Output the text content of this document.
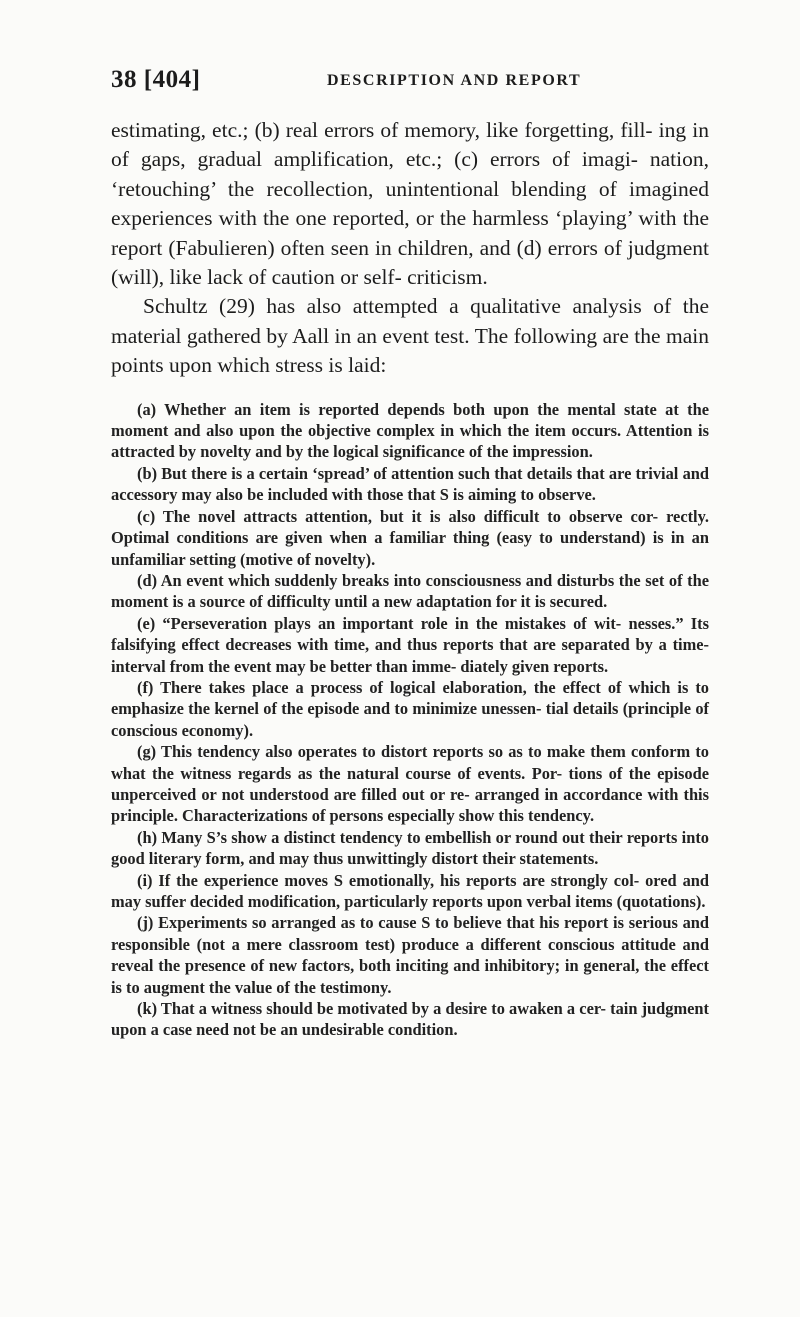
38 [404]	DESCRIPTION AND REPORT

estimating, etc.; (b) real errors of memory, like forgetting, fill- ing in of gaps, gradual amplification, etc.; (c) errors of imagi- nation, ‘retouching’ the recollection, unintentional blending of imagined experiences with the one reported, or the harmless ‘playing’ with the report (Fabulieren) often seen in children, and (d) errors of judgment (will), like lack of caution or self- criticism.

Schultz (29) has also attempted a qualitative analysis of the material gathered by Aall in an event test. The following are the main points upon which stress is laid:

(a) Whether an item is reported depends both upon the mental state at the moment and also upon the objective complex in which the item occurs. Attention is attracted by novelty and by the logical significance of the impression.

(b) But there is a certain ‘spread’ of attention such that details that are trivial and accessory may also be included with those that S is aiming to observe.

(c) The novel attracts attention, but it is also difficult to observe cor- rectly. Optimal conditions are given when a familiar thing (easy to understand) is in an unfamiliar setting (motive of novelty).

(d) An event which suddenly breaks into consciousness and disturbs the set of the moment is a source of difficulty until a new adaptation for it is secured.

(e) “Perseveration plays an important role in the mistakes of wit- nesses.” Its falsifying effect decreases with time, and thus reports that are separated by a time-interval from the event may be better than imme- diately given reports.

(f) There takes place a process of logical elaboration, the effect of which is to emphasize the kernel of the episode and to minimize unessen- tial details (principle of conscious economy).

(g) This tendency also operates to distort reports so as to make them conform to what the witness regards as the natural course of events. Por- tions of the episode unperceived or not understood are filled out or re- arranged in accordance with this principle. Characterizations of persons especially show this tendency.

(h) Many S’s show a distinct tendency to embellish or round out their reports into good literary form, and may thus unwittingly distort their statements.

(i) If the experience moves S emotionally, his reports are strongly col- ored and may suffer decided modification, particularly reports upon verbal items (quotations).

(j) Experiments so arranged as to cause S to believe that his report is serious and responsible (not a mere classroom test) produce a different conscious attitude and reveal the presence of new factors, both inciting and inhibitory; in general, the effect is to augment the value of the testimony.

(k) That a witness should be motivated by a desire to awaken a cer- tain judgment upon a case need not be an undesirable condition.
